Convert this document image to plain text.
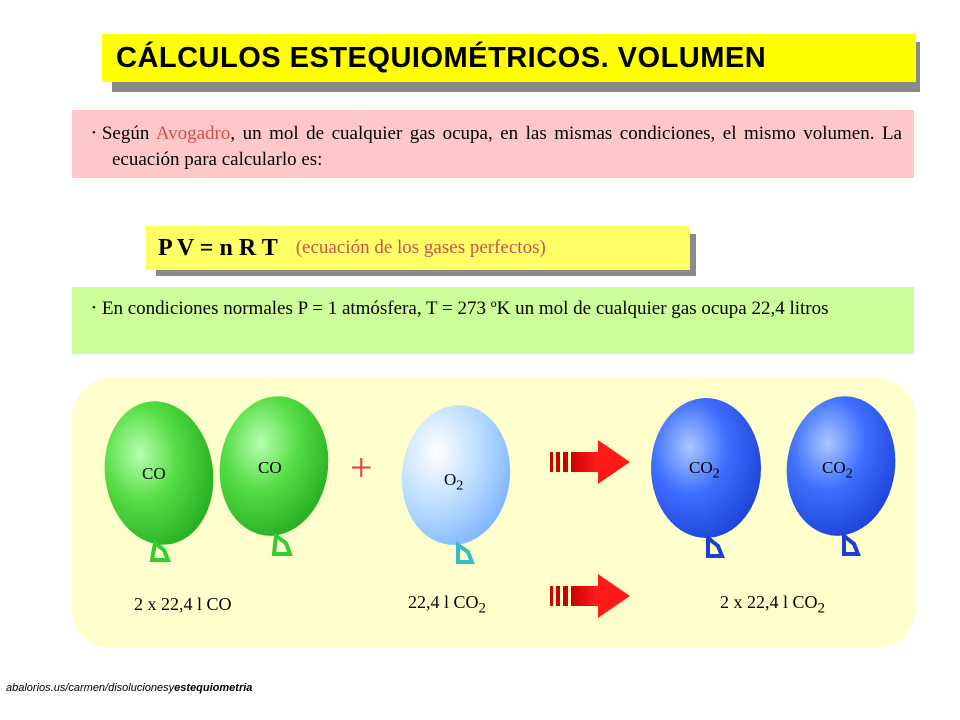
CÁLCULOS ESTEQUIOMÉTRICOS. VOLUMEN
• Según Avogadro, un mol de cualquier gas ocupa, en las mismas condiciones, el mismo volumen. La ecuación para calcularlo es:
P V = n R T (ecuación de los gases perfectos)
• En condiciones normales P = 1 atmósfera, T = 273 ºK un mol de cualquier gas ocupa 22,4 litros
CO	CO
$O_2$
$CO_2$	$CO_2$
+
2 x 22,4 l CO	22,4 l $CO_2$	2 x 22,4 l $CO_2$
abalorios.us/carmen/disolucionesyestequiometria
